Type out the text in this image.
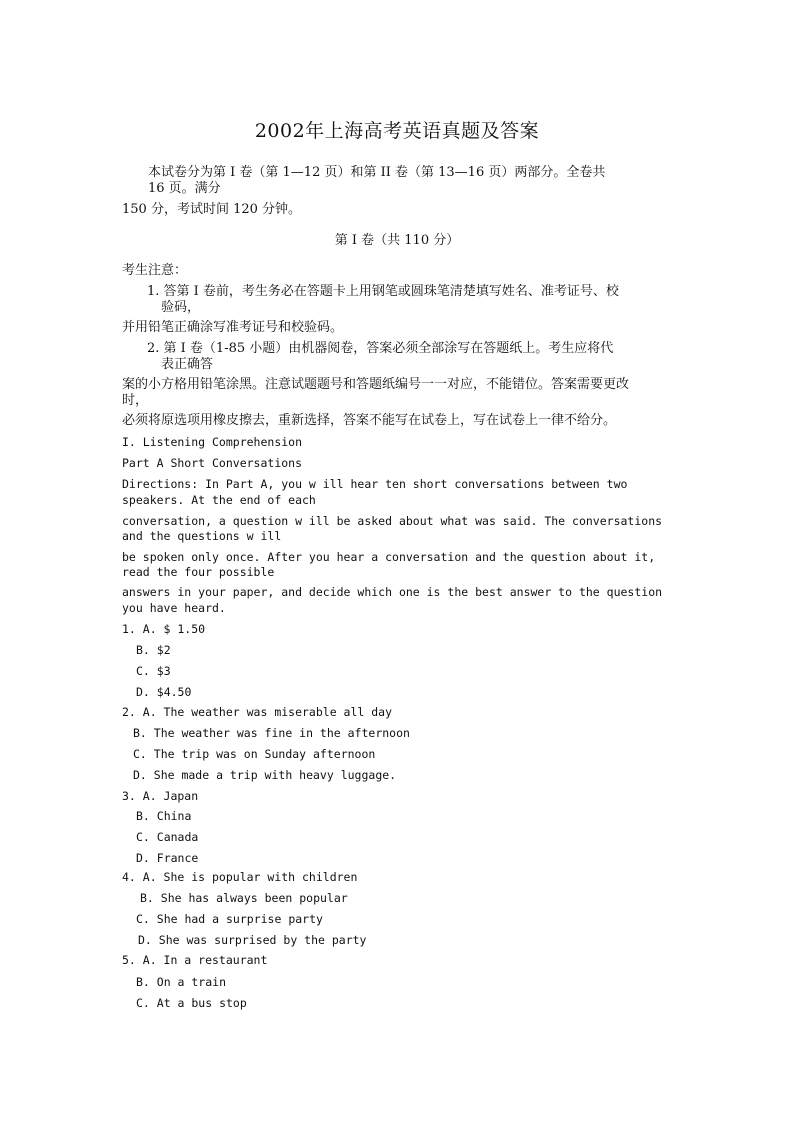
2002年上海高考英语真题及答案
本试卷分为第 I 卷（第 1—12 页）和第 II 卷（第 13—16 页）两部分。全卷共
16 页。满分
150 分，考试时间 120 分钟。
第 I 卷（共 110 分）
考生注意：
1. 答第 I 卷前，考生务必在答题卡上用钢笔或圆珠笔清楚填写姓名、准考证号、校
验码，
并用铅笔正确涂写准考证号和校验码。
2. 第 I 卷（1-85 小题）由机器阅卷，答案必须全部涂写在答题纸上。考生应将代
表正确答
案的小方格用铅笔涂黑。注意试题题号和答题纸编号一一对应，不能错位。答案需要更改
时，
必须将原选项用橡皮擦去，重新选择，答案不能写在试卷上，写在试卷上一律不给分。
I. Listening Comprehension
Part A Short Conversations
Directions: In Part A, you w ill hear ten short conversations between two
speakers. At the end of each
conversation, a question w ill be asked about what was said. The conversations
and the questions w ill
be spoken only once. After you hear a conversation and the question about it,
read the four possible
answers in your paper, and decide which one is the best answer to the question
you have heard.
1. A. $ 1.50
B. $2
C. $3
D. $4.50
2. A. The weather was miserable all day
B. The weather was fine in the afternoon
C. The trip was on Sunday afternoon
D. She made a trip with heavy luggage.
3. A. Japan
B. China
C. Canada
D. France
4. A. She is popular with children
B. She has always been popular
C. She had a surprise party
D. She was surprised by the party
5. A. In a restaurant
B. On a train
C. At a bus stop
